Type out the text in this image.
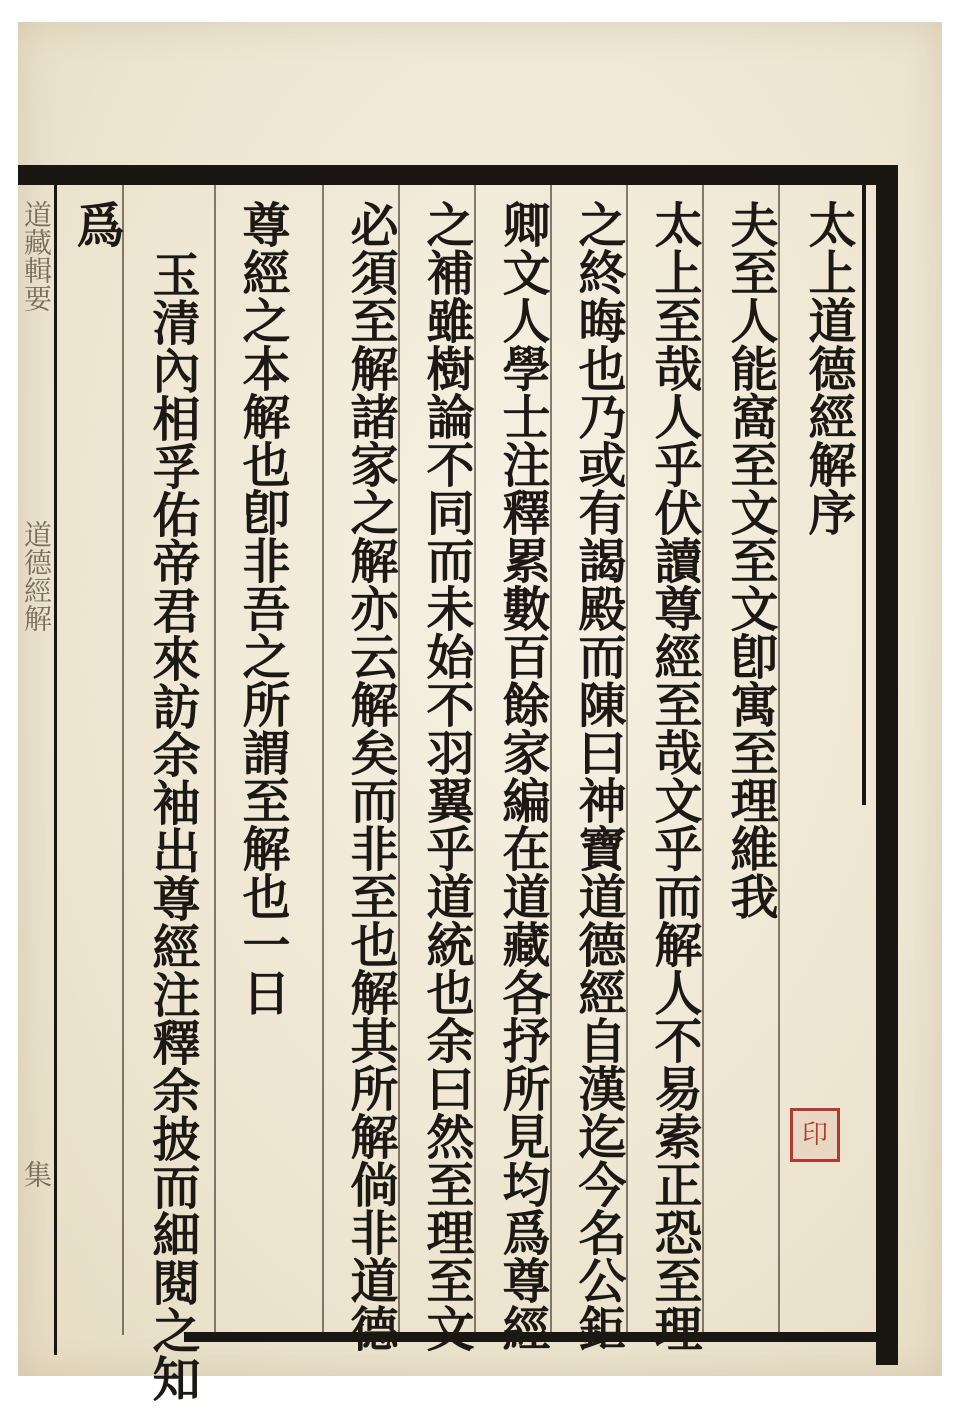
道藏輯要
道德經解
集
太上道德經解序
夫至人能窩至文至文卽寓至理維我
太上至哉人乎伏讀尊經至哉文乎而解人不易索正恐至理
之終晦也乃或有謁殿而陳曰神寶道德經自漢迄今名公鉅
卿文人學士注釋累數百餘家編在道藏各抒所見均爲尊經
之補雖樹論不同而未始不羽翼乎道統也余曰然至理至文
必須至解諸家之解亦云解矣而非至也解其所解倘非道德
尊經之本解也卽非吾之所謂至解也一日
玉清內相孚佑帝君來訪余袖出尊經注釋余披而細閱之知
爲
印
